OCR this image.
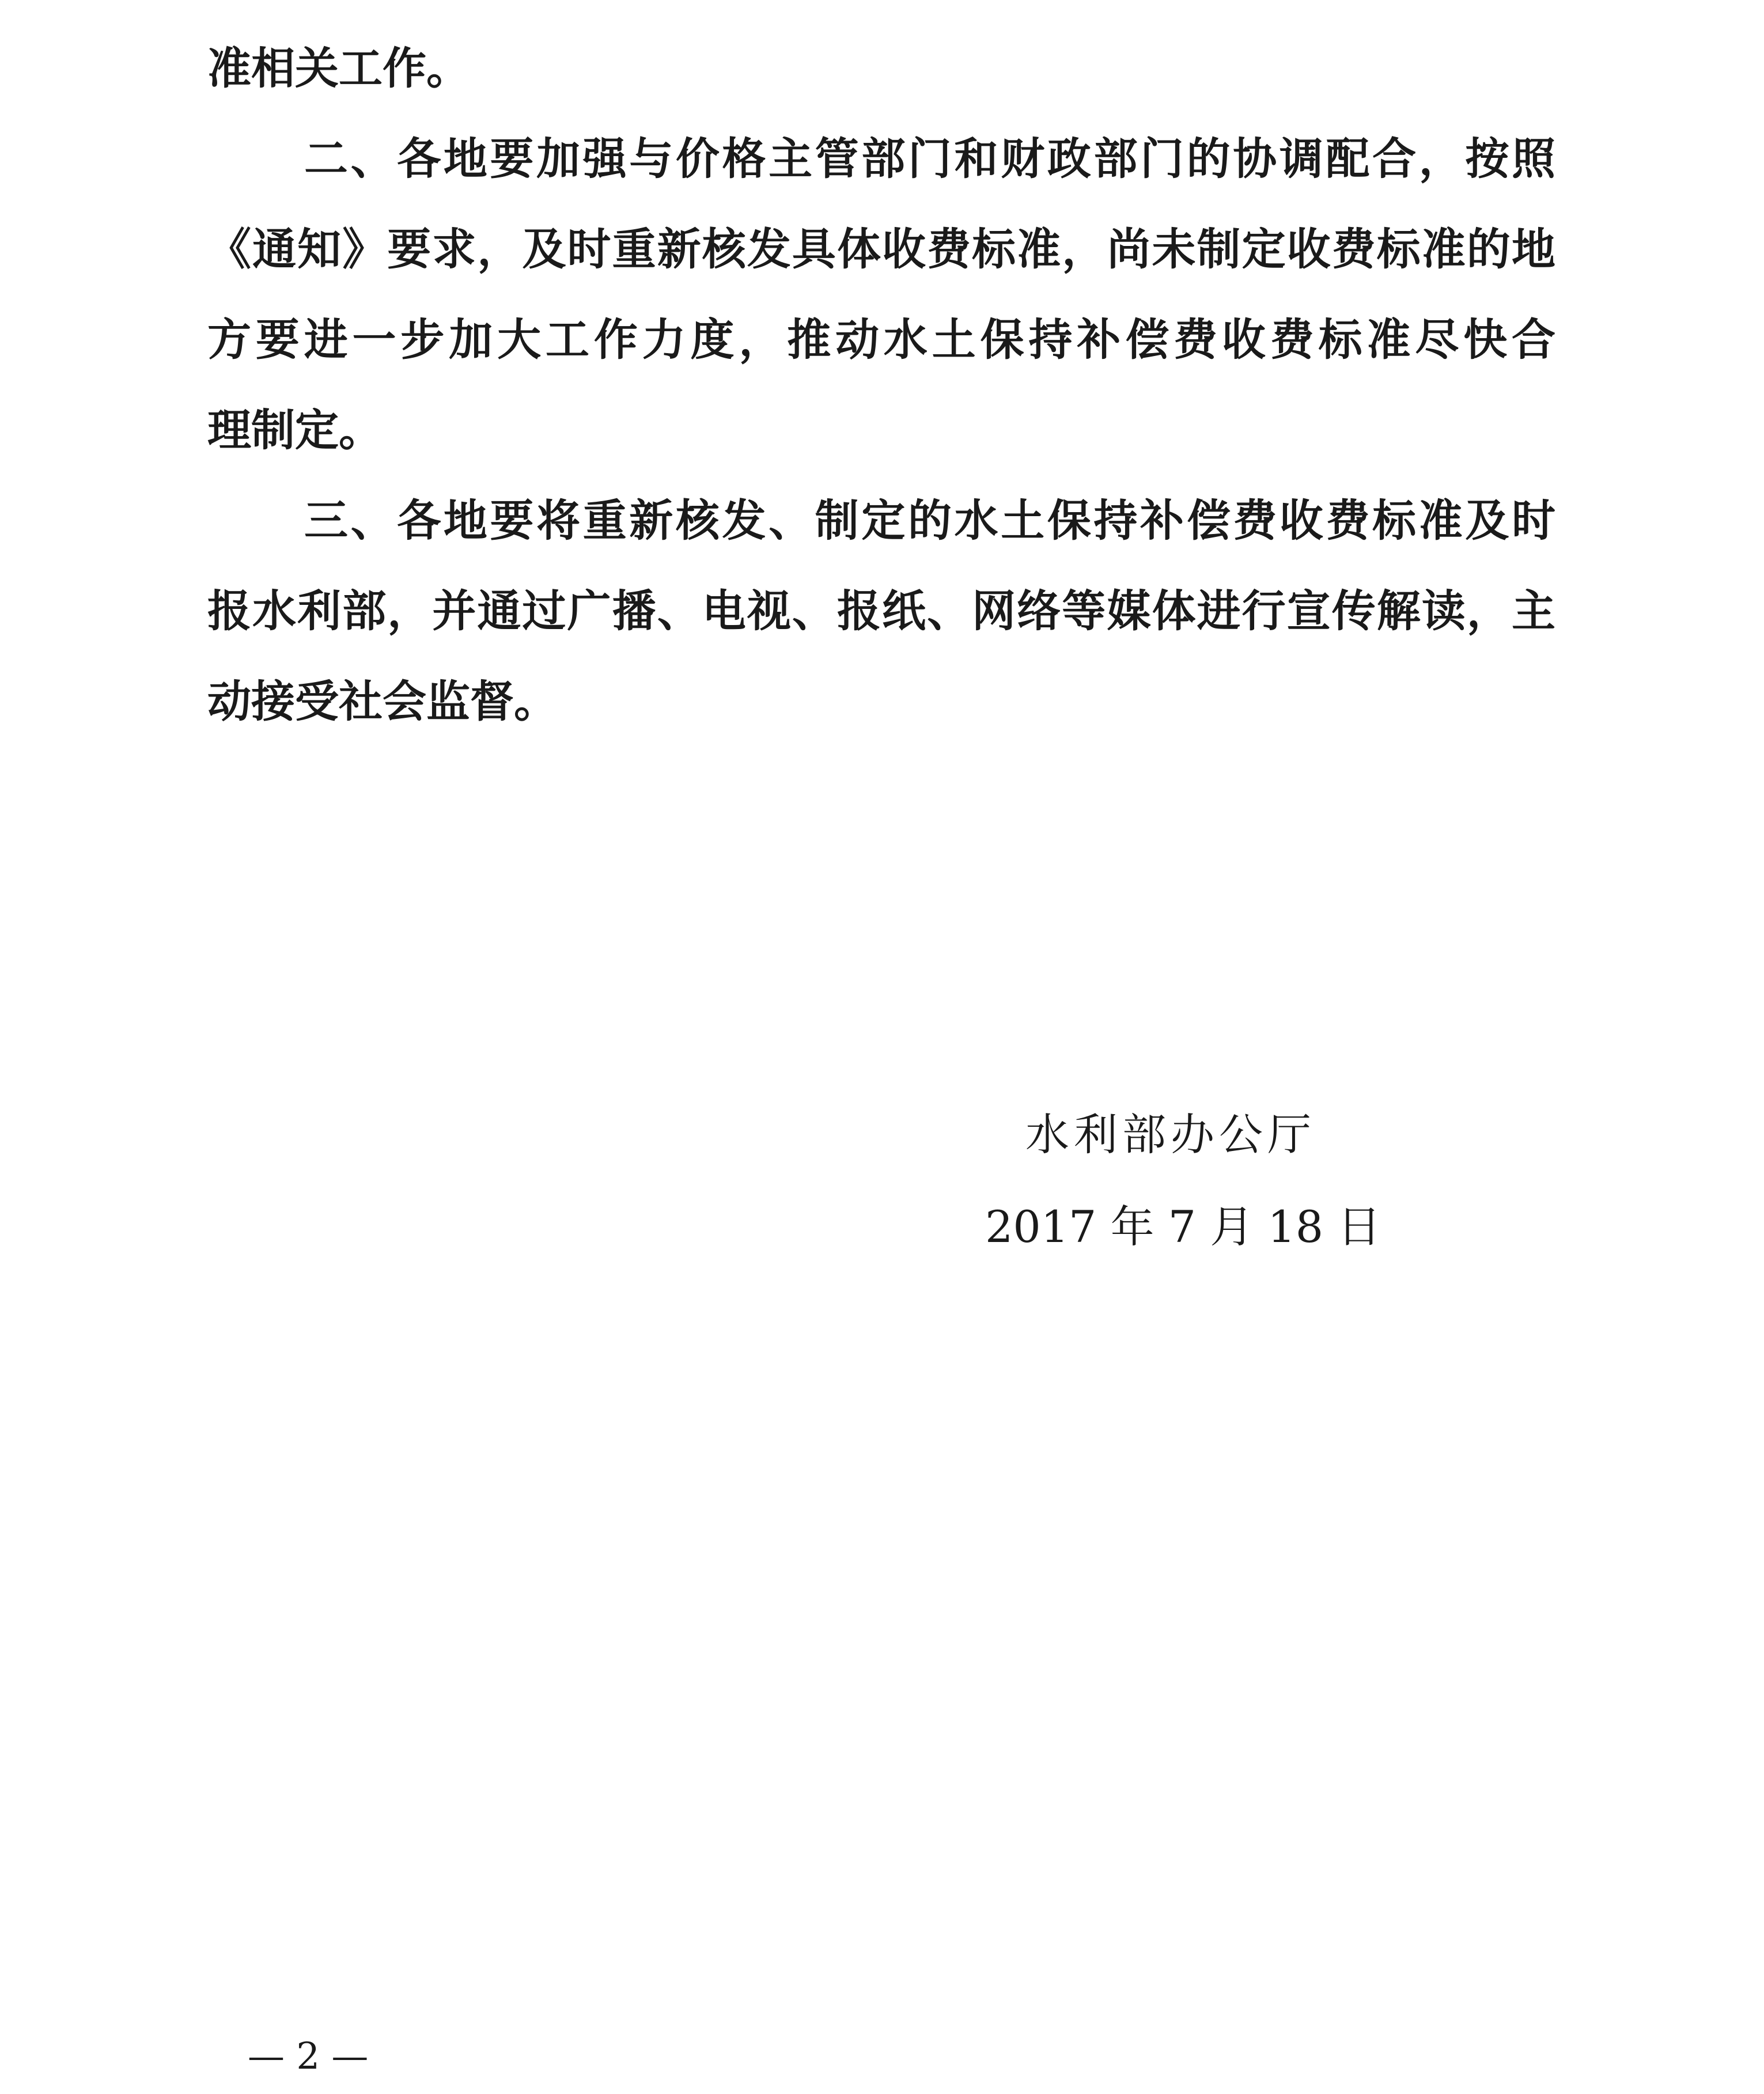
准相关工作。
二、各地要加强与价格主管部门和财政部门的协调配合，按照
《通知》要求，及时重新核发具体收费标准，尚未制定收费标准的地
方要进一步加大工作力度，推动水土保持补偿费收费标准尽快合
理制定。
三、各地要将重新核发、制定的水土保持补偿费收费标准及时
报水利部，并通过广播、电视、报纸、网络等媒体进行宣传解读，主
动接受社会监督。
水利部办公厅
2017 年 7 月 18 日
— 2 —
